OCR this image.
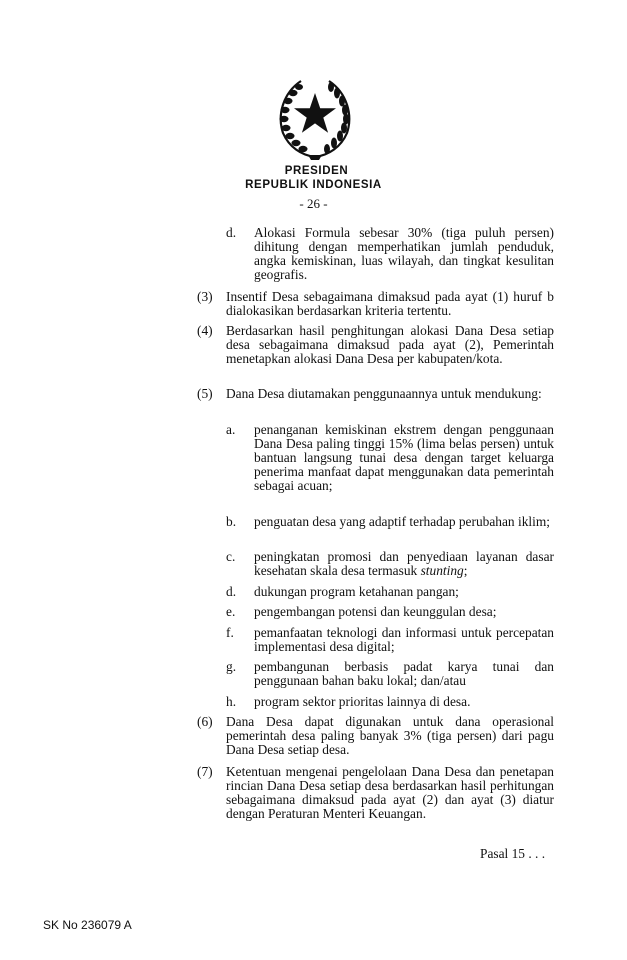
PRESIDEN
REPUBLIK INDONESIA
- 26 -
d. Alokasi Formula sebesar 30% (tiga puluh persen) dihitung dengan memperhatikan jumlah penduduk, angka kemiskinan, luas wilayah, dan tingkat kesulitan geografis.
(3) Insentif Desa sebagaimana dimaksud pada ayat (1) huruf b dialokasikan berdasarkan kriteria tertentu.
(4) Berdasarkan hasil penghitungan alokasi Dana Desa setiap desa sebagaimana dimaksud pada ayat (2), Pemerintah menetapkan alokasi Dana Desa per kabupaten/kota.
(5) Dana Desa diutamakan penggunaannya untuk mendukung:
a. penanganan kemiskinan ekstrem dengan penggunaan Dana Desa paling tinggi 15% (lima belas persen) untuk bantuan langsung tunai desa dengan target keluarga penerima manfaat dapat menggunakan data pemerintah sebagai acuan;
b. penguatan desa yang adaptif terhadap perubahan iklim;
c. peningkatan promosi dan penyediaan layanan dasar kesehatan skala desa termasuk stunting;
d. dukungan program ketahanan pangan;
e. pengembangan potensi dan keunggulan desa;
f. pemanfaatan teknologi dan informasi untuk percepatan implementasi desa digital;
g. pembangunan berbasis padat karya tunai dan penggunaan bahan baku lokal; dan/atau
h. program sektor prioritas lainnya di desa.
(6) Dana Desa dapat digunakan untuk dana operasional pemerintah desa paling banyak 3% (tiga persen) dari pagu Dana Desa setiap desa.
(7) Ketentuan mengenai pengelolaan Dana Desa dan penetapan rincian Dana Desa setiap desa berdasarkan hasil perhitungan sebagaimana dimaksud pada ayat (2) dan ayat (3) diatur dengan Peraturan Menteri Keuangan.
Pasal 15 . . .
SK No 236079 A
